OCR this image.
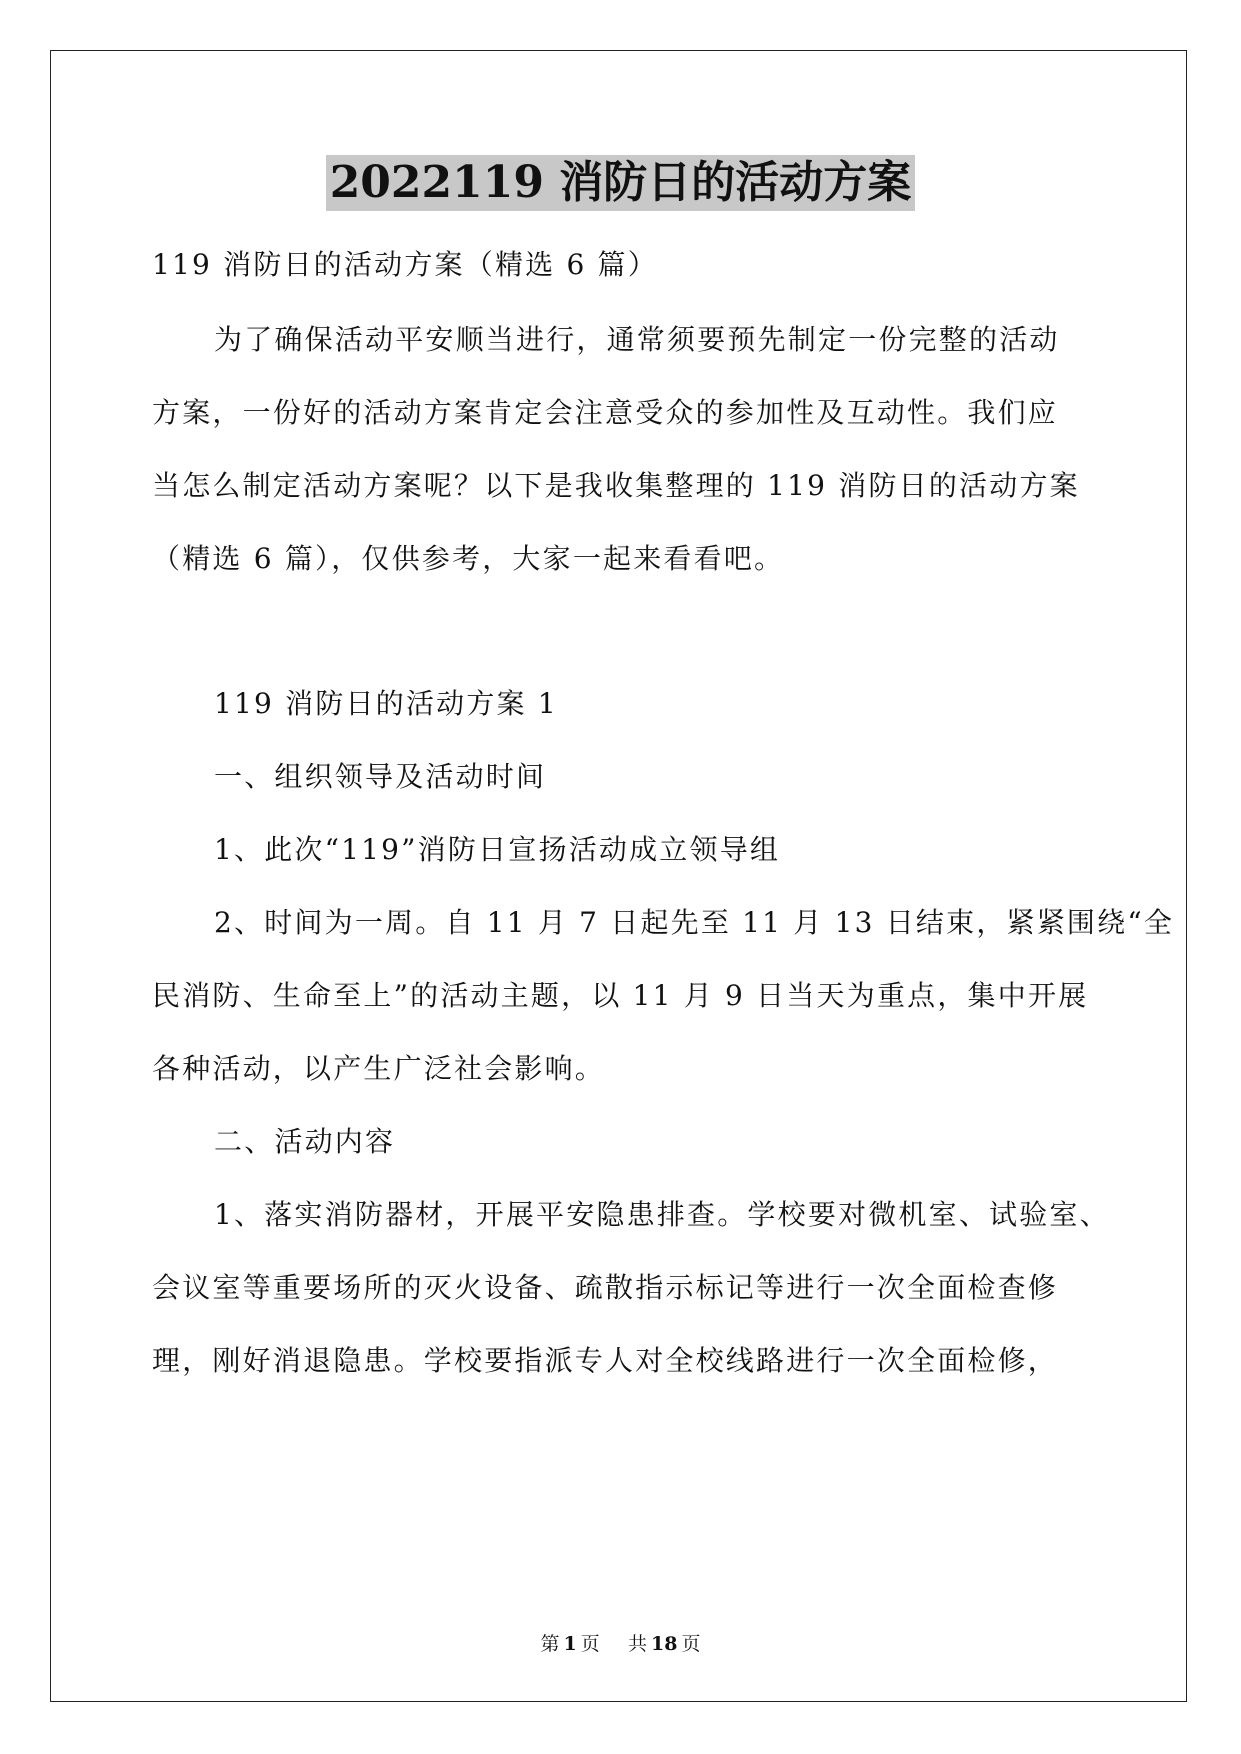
2022119 消防日的活动方案

119 消防日的活动方案（精选 6 篇）

为了确保活动平安顺当进行，通常须要预先制定一份完整的活动

方案，一份好的活动方案肯定会注意受众的参加性及互动性。我们应

当怎么制定活动方案呢？以下是我收集整理的 119 消防日的活动方案

（精选 6 篇），仅供参考，大家一起来看看吧。

119 消防日的活动方案 1

一、组织领导及活动时间

1、此次“119”消防日宣扬活动成立领导组

2、时间为一周。自 11 月 7 日起先至 11 月 13 日结束，紧紧围绕“全

民消防、生命至上”的活动主题，以 11 月 9 日当天为重点，集中开展

各种活动，以产生广泛社会影响。

二、活动内容

1、落实消防器材，开展平安隐患排查。学校要对微机室、试验室、

会议室等重要场所的灭火设备、疏散指示标记等进行一次全面检查修

理，刚好消退隐患。学校要指派专人对全校线路进行一次全面检修，

第 1 页 共 18 页
